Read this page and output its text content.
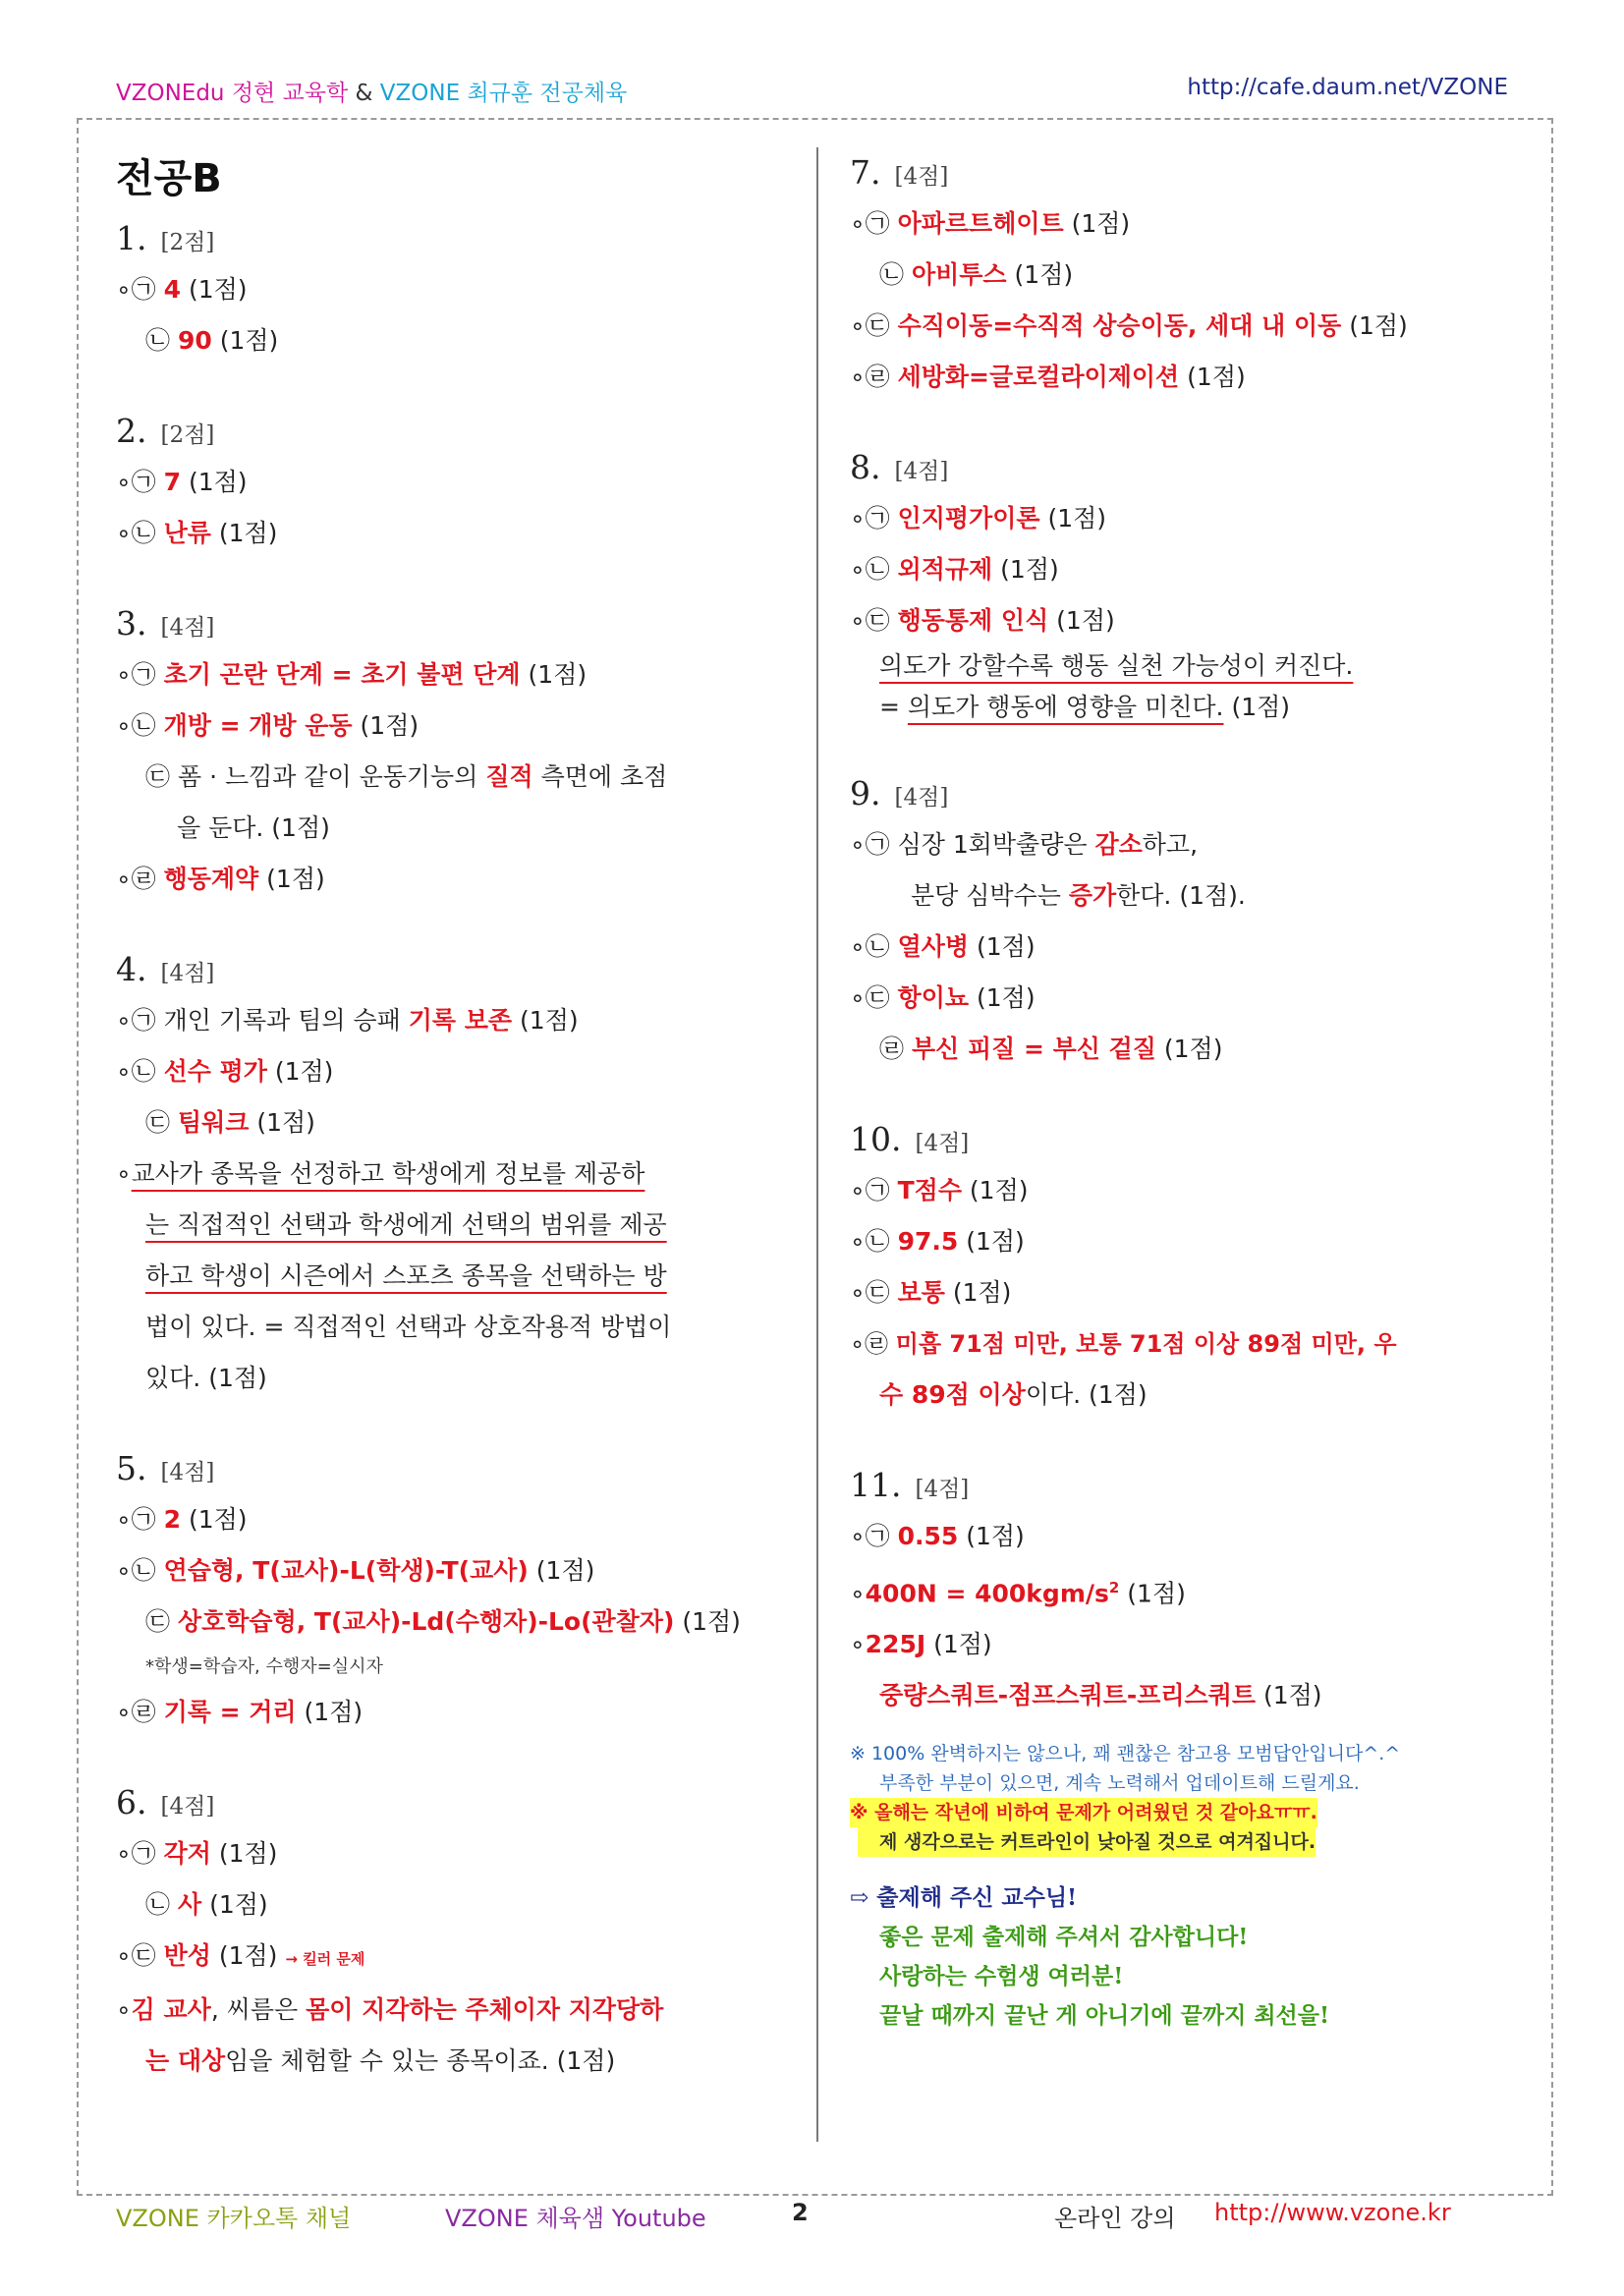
VZONEdu 정현 교육학 & VZONE 최규훈 전공체육	http://cafe.daum.net/VZONE
전공B
1. [2점]
∘㉠ 4 (1점)
㉡ 90 (1점)
2. [2점]
∘㉠ 7 (1점)
∘㉡ 난류 (1점)
3. [4점]
∘㉠ 초기 곤란 단계 = 초기 불편 단계 (1점)
∘㉡ 개방 = 개방 운동 (1점)
㉢ 폼 · 느낌과 같이 운동기능의 질적 측면에 초점
을 둔다. (1점)
∘㉣ 행동계약 (1점)
4. [4점]
∘㉠ 개인 기록과 팀의 승패 기록 보존 (1점)
∘㉡ 선수 평가 (1점)
㉢ 팀워크 (1점)
∘교사가 종목을 선정하고 학생에게 정보를 제공하
는 직접적인 선택과 학생에게 선택의 범위를 제공
하고 학생이 시즌에서 스포츠 종목을 선택하는 방
법이 있다. = 직접적인 선택과 상호작용적 방법이
있다. (1점)
5. [4점]
∘㉠ 2 (1점)
∘㉡ 연습형, T(교사)-L(학생)-T(교사) (1점)
㉢ 상호학습형, T(교사)-Ld(수행자)-Lo(관찰자) (1점)
*학생=학습자, 수행자=실시자
∘㉣ 기록 = 거리 (1점)
6. [4점]
∘㉠ 각저 (1점)
㉡ 사 (1점)
∘㉢ 반성 (1점) → 킬러 문제
∘김 교사, 씨름은 몸이 지각하는 주체이자 지각당하
는 대상임을 체험할 수 있는 종목이죠. (1점)
7. [4점]
∘㉠ 아파르트헤이트 (1점)
㉡ 아비투스 (1점)
∘㉢ 수직이동=수직적 상승이동, 세대 내 이동 (1점)
∘㉣ 세방화=글로컬라이제이션 (1점)
8. [4점]
∘㉠ 인지평가이론 (1점)
∘㉡ 외적규제 (1점)
∘㉢ 행동통제 인식 (1점)
의도가 강할수록 행동 실천 가능성이 커진다.
= 의도가 행동에 영향을 미친다. (1점)
9. [4점]
∘㉠ 심장 1회박출량은 감소하고,
분당 심박수는 증가한다. (1점).
∘㉡ 열사병 (1점)
∘㉢ 항이뇨 (1점)
㉣ 부신 피질 = 부신 겉질 (1점)
10. [4점]
∘㉠ T점수 (1점)
∘㉡ 97.5 (1점)
∘㉢ 보통 (1점)
∘㉣ 미흡 71점 미만, 보통 71점 이상 89점 미만, 우
수 89점 이상이다. (1점)
11. [4점]
∘㉠ 0.55 (1점)
∘400N = $400kgm/s^2$ (1점)
∘225J (1점)
중량스쿼트-점프스쿼트-프리스쿼트 (1점)
※ 100% 완벽하지는 않으나, 꽤 괜찮은 참고용 모범답안입니다^.^
부족한 부분이 있으면, 계속 노력해서 업데이트해 드릴게요.
※ 올해는 작년에 비하여 문제가 어려웠던 것 같아요ㅠㅠ.
제 생각으로는 커트라인이 낮아질 것으로 여겨집니다.
⇨ 출제해 주신 교수님!
좋은 문제 출제해 주셔서 감사합니다!
사랑하는 수험생 여러분!
끝날 때까지 끝난 게 아니기에 끝까지 최선을!
VZONE 카카오톡 채널	VZONE 체육샘 Youtube	2	온라인 강의 http://www.vzone.kr
